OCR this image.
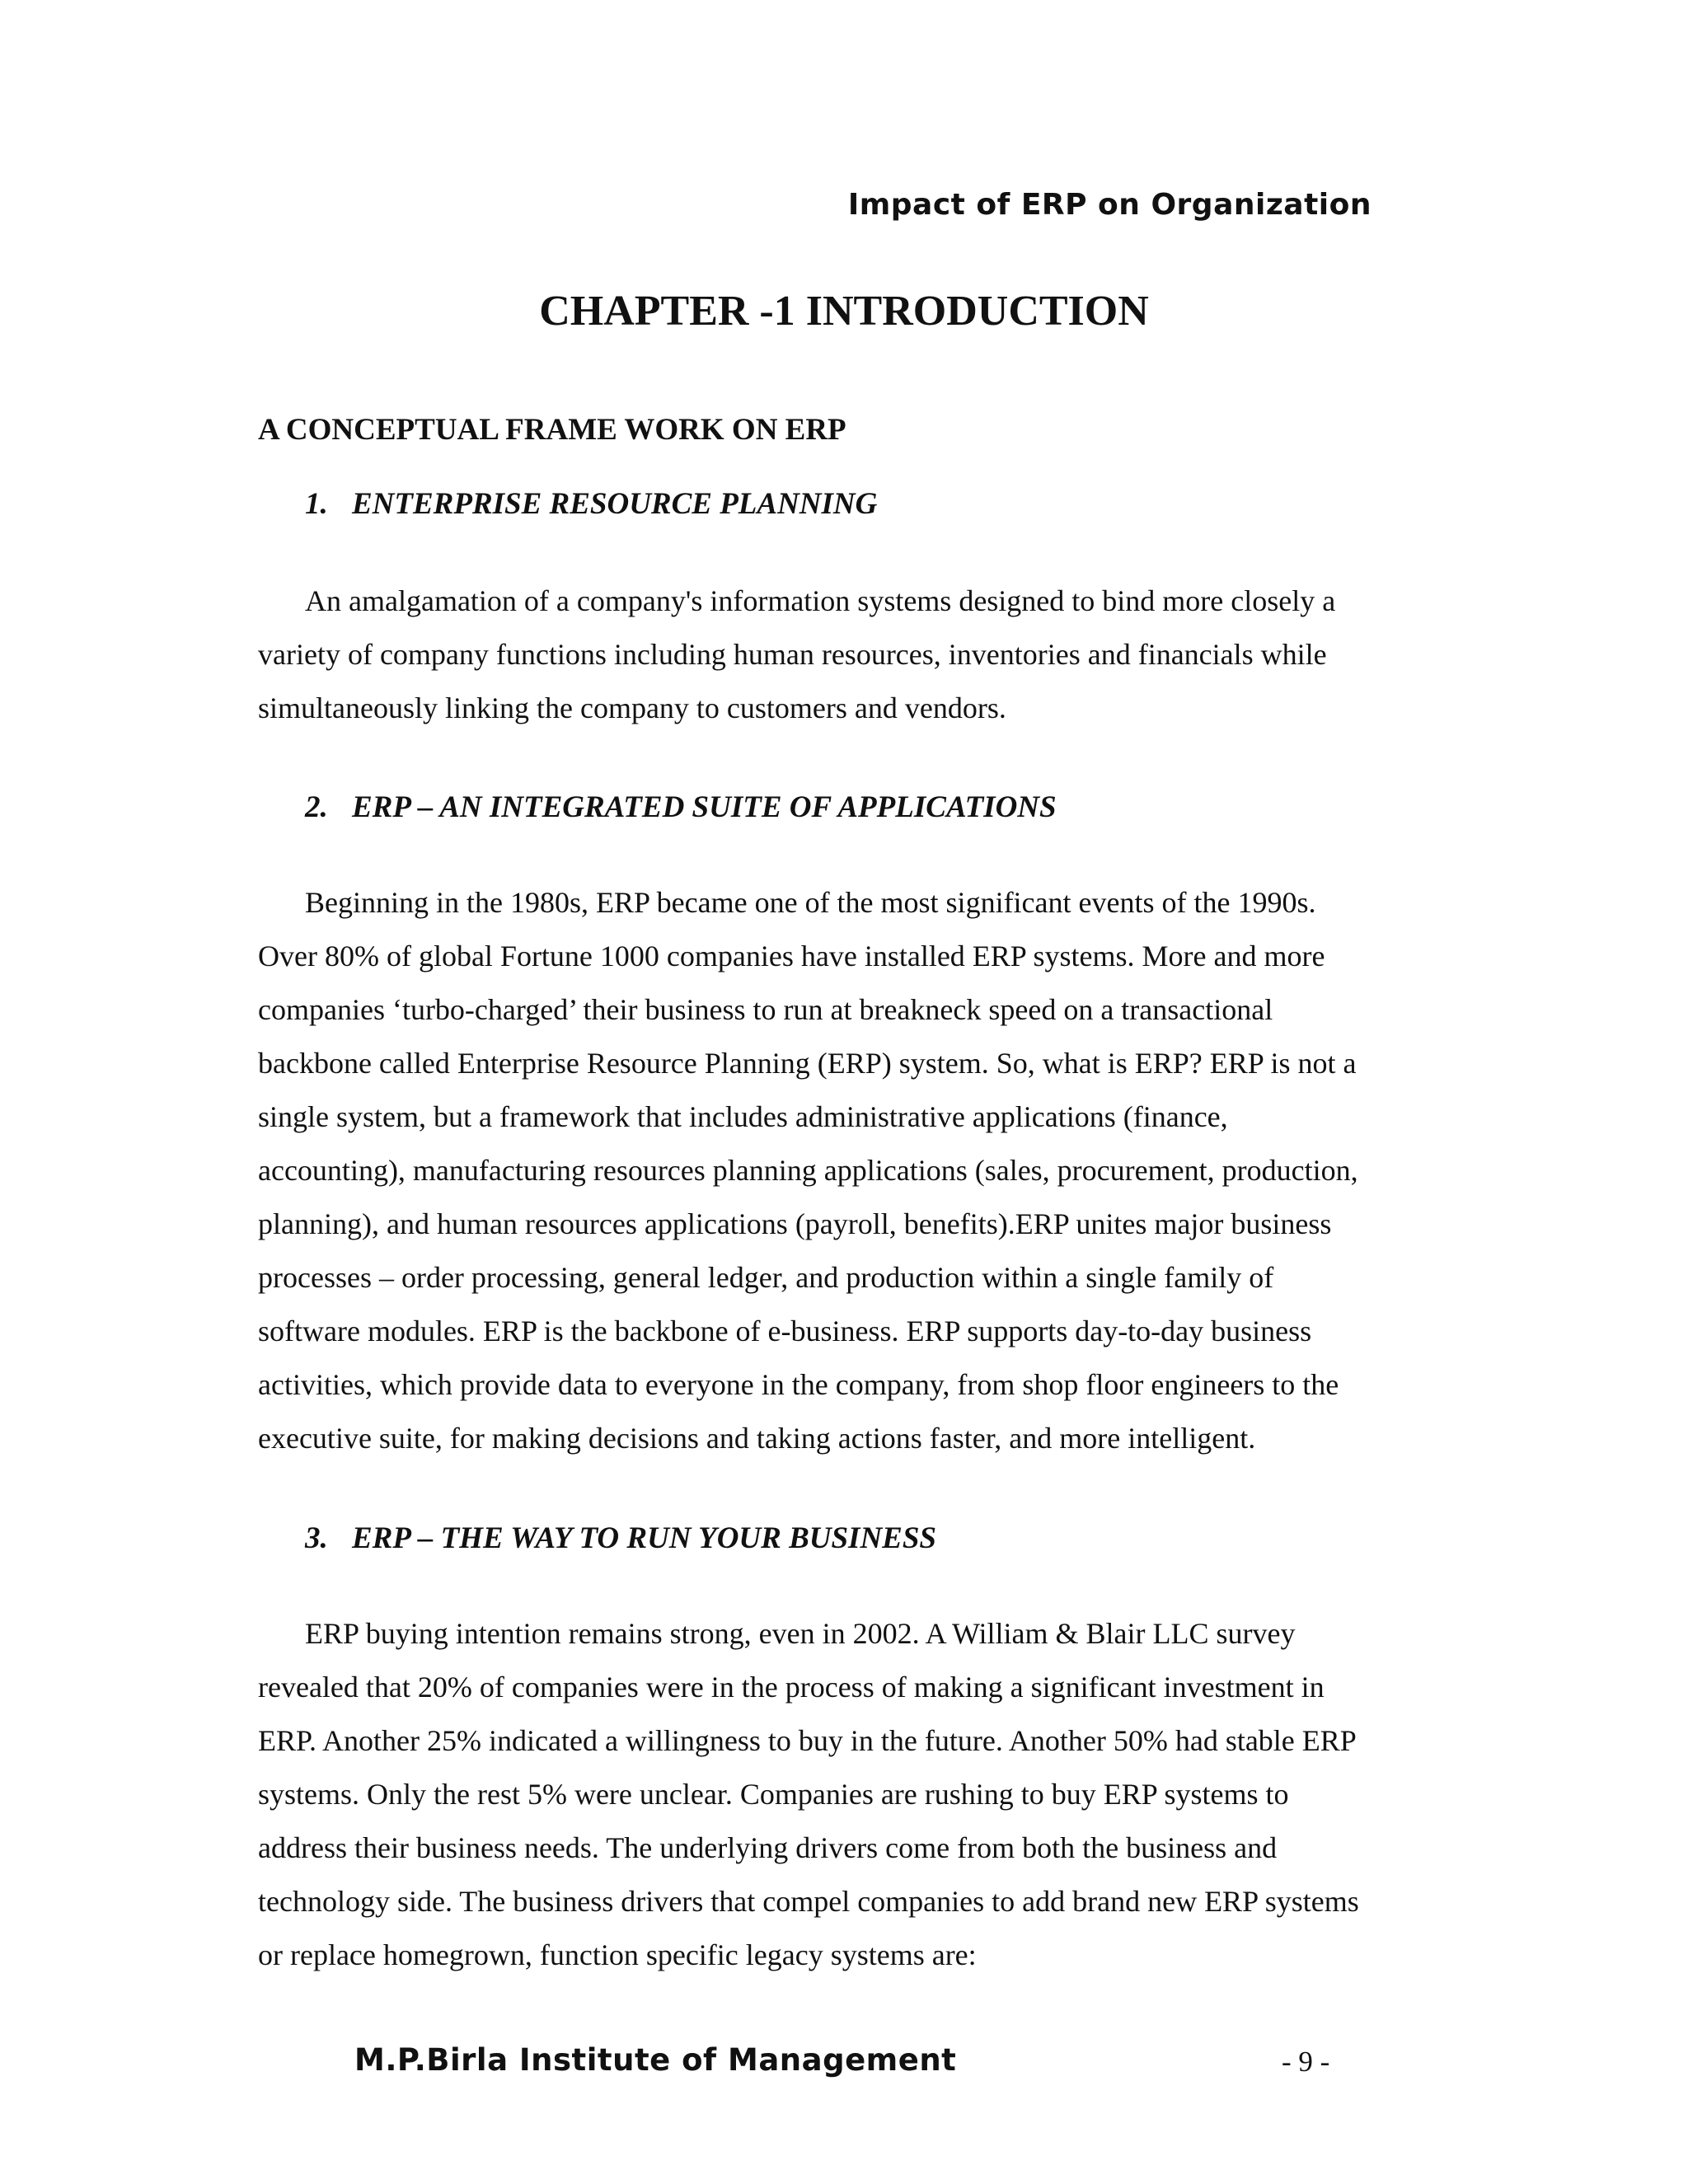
Impact of ERP on Organization
CHAPTER -1 INTRODUCTION
A CONCEPTUAL FRAME WORK ON ERP
1. ENTERPRISE RESOURCE PLANNING
An amalgamation of a company's information systems designed to bind more closely a
variety of company functions including human resources, inventories and financials while
simultaneously linking the company to customers and vendors.
2. ERP – AN INTEGRATED SUITE OF APPLICATIONS
Beginning in the 1980s, ERP became one of the most significant events of the 1990s.
Over 80% of global Fortune 1000 companies have installed ERP systems. More and more
companies ‘turbo-charged’ their business to run at breakneck speed on a transactional
backbone called Enterprise Resource Planning (ERP) system. So, what is ERP? ERP is not a
single system, but a framework that includes administrative applications (finance,
accounting), manufacturing resources planning applications (sales, procurement, production,
planning), and human resources applications (payroll, benefits).ERP unites major business
processes – order processing, general ledger, and production within a single family of
software modules. ERP is the backbone of e-business. ERP supports day-to-day business
activities, which provide data to everyone in the company, from shop floor engineers to the
executive suite, for making decisions and taking actions faster, and more intelligent.
3. ERP – THE WAY TO RUN YOUR BUSINESS
ERP buying intention remains strong, even in 2002. A William & Blair LLC survey
revealed that 20% of companies were in the process of making a significant investment in
ERP. Another 25% indicated a willingness to buy in the future. Another 50% had stable ERP
systems. Only the rest 5% were unclear. Companies are rushing to buy ERP systems to
address their business needs. The underlying drivers come from both the business and
technology side. The business drivers that compel companies to add brand new ERP systems
or replace homegrown, function specific legacy systems are:
M.P.Birla Institute of Management	- 9 -
